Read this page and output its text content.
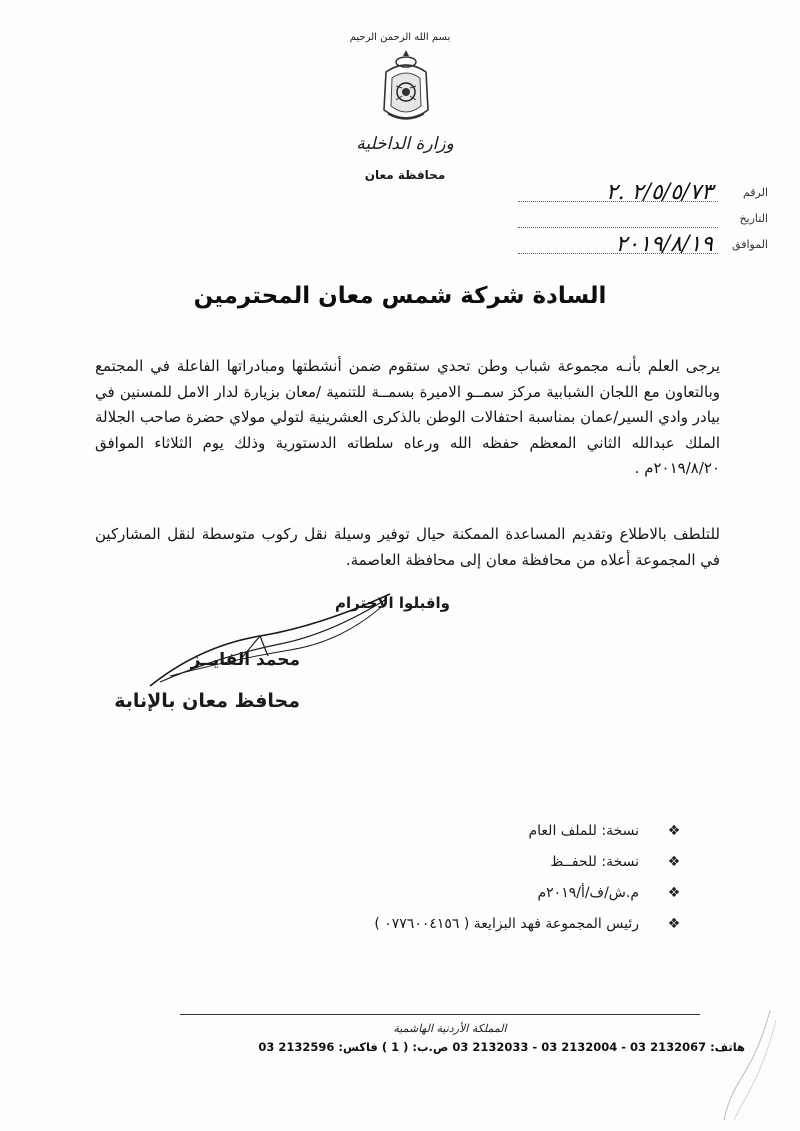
بسم الله الرحمن الرحيم
وزارة الداخلية
محافظة معان
الرقم
٢/٥/٥/٧٣ .٢
التاريخ
الموافق
٢٠١٩/٨/١٩
السادة شركة شمس معان المحترمين
يرجى العلم بأنـه مجموعة شباب وطن تحدي ستقوم ضمن أنشطتها ومبادراتها الفاعلة في المجتمع وبالتعاون مع اللجان الشبابية مركز سمــو الاميرة بسمــة للتنمية /معان بزيارة لدار الامل للمسنين في بيادر وادي السير/عمان بمناسبة احتفالات الوطن بالذكرى العشرينية لتولي مولاي حضرة صاحب الجلالة الملك عبدالله الثاني المعظم حفظه الله ورعاه سلطاته الدستورية وذلك يوم الثلاثاء الموافق ٢٠١٩/٨/٢٠م .
للتلطف بالاطلاع وتقديم المساعدة الممكنة حيال توفير وسيلة نقل ركوب متوسطة لنقل المشاركين في المجموعة أعلاه من محافظة معان إلى محافظة العاصمة.
واقبلوا الاحترام
محمد الفايــز
محافظ معان بالإنابة
❖
نسخة: للملف العام
❖
نسخة: للحفــظ
❖
م.ش/ف/أ/٢٠١٩م
❖
رئيس المجموعة فهد البزايعة ( ٠٧٧٦٠٠٤١٥٦ )
المملكة الأردنية الهاشمية
هاتف: 2132067 03 - 2132004 03 - 2132033 03 ص.ب: ( 1 ) فاكس: 2132596 03
